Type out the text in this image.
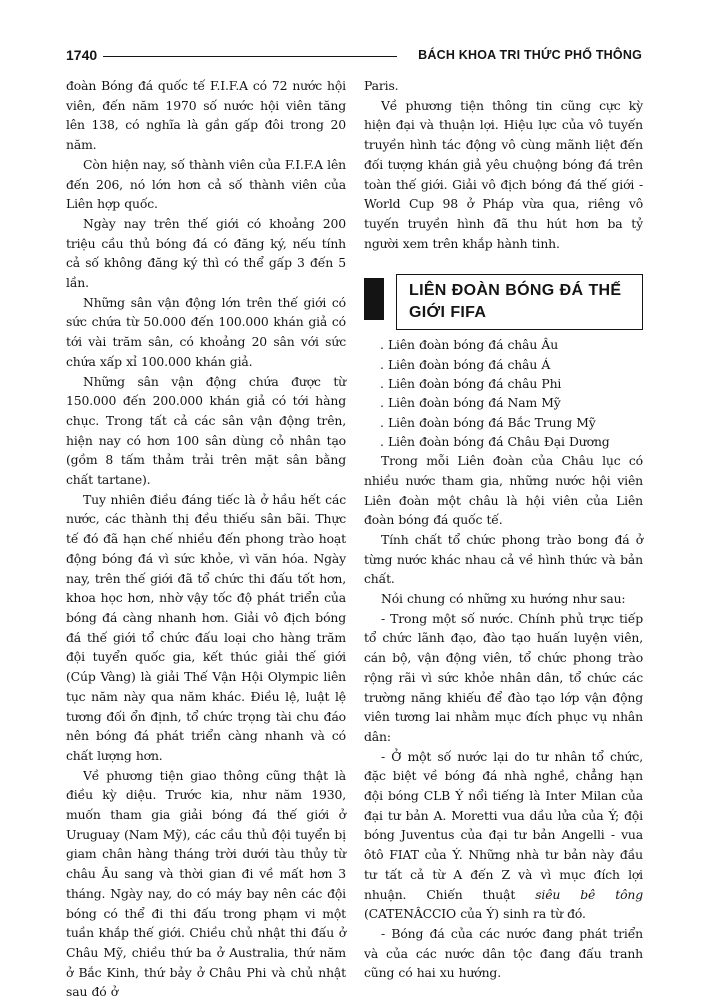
1740	BÁCH KHOA TRI THỨC PHỔ THÔNG

đoàn Bóng đá quốc tế F.I.F.A có 72 nước hội viên, đến năm 1970 số nước hội viên tăng lên 138, có nghĩa là gần gấp đôi trong 20 năm.

Còn hiện nay, số thành viên của F.I.F.A lên đến 206, nó lớn hơn cả số thành viên của Liên hợp quốc.

Ngày nay trên thế giới có khoảng 200 triệu cầu thủ bóng đá có đăng ký, nếu tính cả số không đăng ký thì có thể gấp 3 đến 5 lần.

Những sân vận động lớn trên thế giới có sức chứa từ 50.000 đến 100.000 khán giả có tới vài trăm sân, có khoảng 20 sân với sức chứa xấp xỉ 100.000 khán giả.

Những sân vận động chứa được từ 150.000 đến 200.000 khán giả có tới hàng chục. Trong tất cả các sân vận động trên, hiện nay có hơn 100 sân dùng cỏ nhân tạo (gồm 8 tấm thảm trải trên mặt sân bằng chất tartane).

Tuy nhiên điều đáng tiếc là ở hầu hết các nước, các thành thị đều thiếu sân bãi. Thực tế đó đã hạn chế nhiều đến phong trào hoạt động bóng đá vì sức khỏe, vì văn hóa. Ngày nay, trên thế giới đã tổ chức thi đấu tốt hơn, khoa học hơn, nhờ vậy tốc độ phát triển của bóng đá càng nhanh hơn. Giải vô địch bóng đá thế giới tổ chức đấu loại cho hàng trăm đội tuyển quốc gia, kết thúc giải thế giới (Cúp Vàng) là giải Thế Vận Hội Olympic liên tục năm này qua năm khác. Điều lệ, luật lệ tương đối ổn định, tổ chức trọng tài chu đáo nên bóng đá phát triển càng nhanh và có chất lượng hơn.

Về phương tiện giao thông cũng thật là điều kỳ diệu. Trước kia, như năm 1930, muốn tham gia giải bóng đá thế giới ở Uruguay (Nam Mỹ), các cầu thủ đội tuyển bị giam chân hàng tháng trời dưới tàu thủy từ châu Âu sang và thời gian đi về mất hơn 3 tháng. Ngày nay, do có máy bay nên các đội bóng có thể đi thi đấu trong phạm vi một tuần khắp thế giới. Chiều chủ nhật thi đấu ở Châu Mỹ, chiều thứ ba ở Australia, thứ năm ở Bắc Kinh, thứ bảy ở Châu Phi và chủ nhật sau đó ở

Paris.

Về phương tiện thông tin cũng cực kỳ hiện đại và thuận lợi. Hiệu lực của vô tuyến truyền hình tác động vô cùng mãnh liệt đến đối tượng khán giả yêu chuộng bóng đá trên toàn thế giới. Giải vô địch bóng đá thế giới - World Cup 98 ở Pháp vừa qua, riêng vô tuyến truyền hình đã thu hút hơn ba tỷ người xem trên khắp hành tinh.

LIÊN ĐOÀN BÓNG ĐÁ THẾ GIỚI FIFA
. Liên đoàn bóng đá châu Âu
. Liên đoàn bóng đá châu Á
. Liên đoàn bóng đá châu Phi
. Liên đoàn bóng đá Nam Mỹ
. Liên đoàn bóng đá Bắc Trung Mỹ
. Liên đoàn bóng đá Châu Đại Dương

Trong mỗi Liên đoàn của Châu lục có nhiều nước tham gia, những nước hội viên Liên đoàn một châu là hội viên của Liên đoàn bóng đá quốc tế.

Tính chất tổ chức phong trào bong đá ở từng nước khác nhau cả về hình thức và bản chất.

Nói chung có những xu hướng như sau:

- Trong một số nước. Chính phủ trực tiếp tổ chức lãnh đạo, đào tạo huấn luyện viên, cán bộ, vận động viên, tổ chức phong trào rộng rãi vì sức khỏe nhân dân, tổ chức các trường năng khiếu để đào tạo lớp vận động viên tương lai nhằm mục đích phục vụ nhân dân:

- Ở một số nước lại do tư nhân tổ chức, đặc biệt về bóng đá nhà nghề, chẳng hạn đội bóng CLB Ý nổi tiếng là Inter Milan của đại tư bản A. Moretti vua dầu lửa của Ý; đội bóng Juventus của đại tư bản Angelli - vua ôtô FIAT của Ý. Những nhà tư bản này đầu tư tất cả từ A đến Z và vì mục đích lợi nhuận. Chiến thuật siêu bê tông (CATENÂCCIO của Ý) sinh ra từ đó.

- Bóng đá của các nước đang phát triển và của các nước dân tộc đang đấu tranh cũng có hai xu hướng.
